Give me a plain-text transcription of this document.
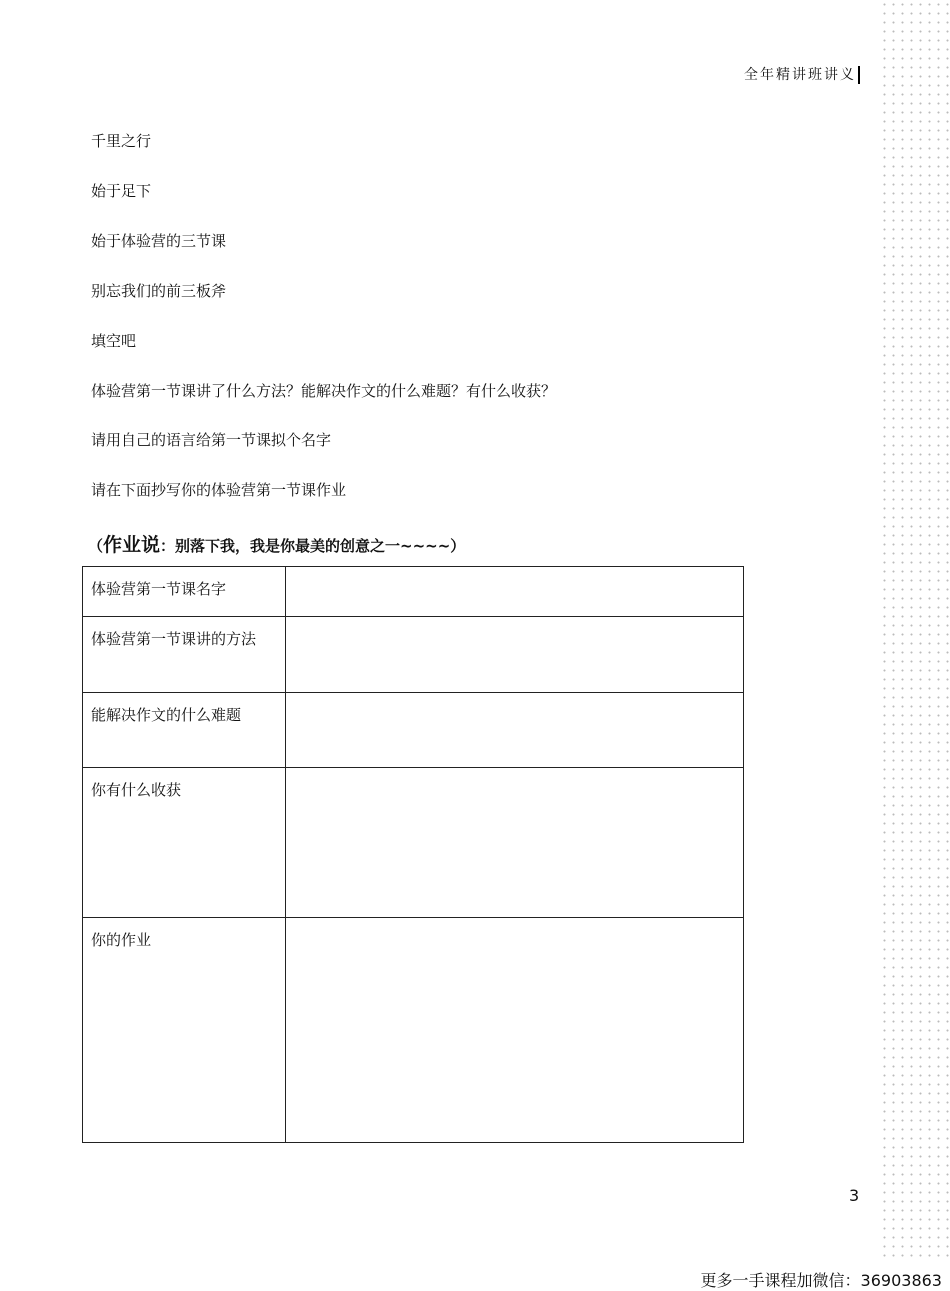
全年精讲班讲义
千里之行
始于足下
始于体验营的三节课
别忘我们的前三板斧
填空吧
体验营第一节课讲了什么方法？能解决作文的什么难题？有什么收获？
请用自己的语言给第一节课拟个名字
请在下面抄写你的体验营第一节课作业
（作业说：别落下我，我是你最美的创意之一~~~~）
体验营第一节课名字	
体验营第一节课讲的方法	
能解决作文的什么难题	
你有什么收获	
你的作业	
3
更多一手课程加微信：36903863
